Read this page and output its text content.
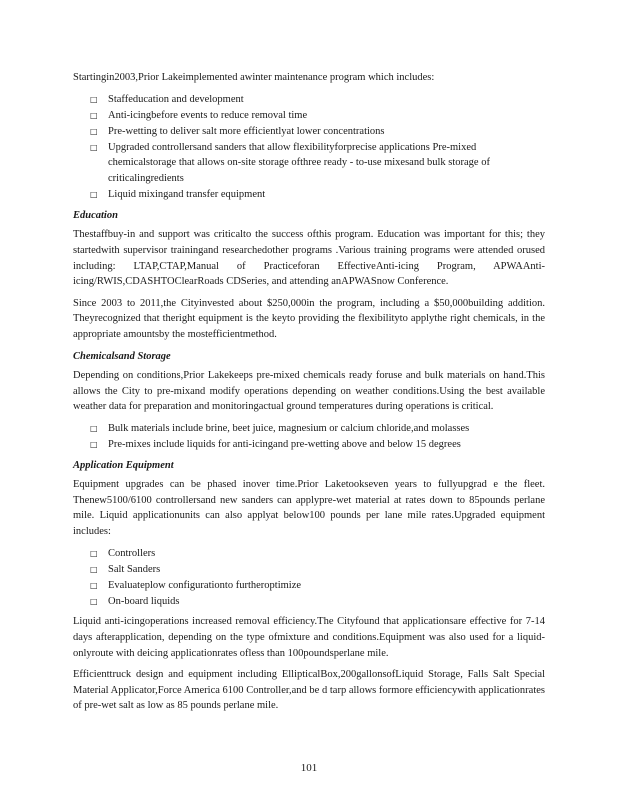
Startingin2003,Prior Lakeimplemented awinter maintenance program which includes:

□ Staffeducation and development
□ Anti-icingbefore events to reduce removal time
□ Pre-wetting to deliver salt more efficientlyat lower concentrations
□ Upgraded controllersand sanders that allow flexibilityforprecise applications Pre-mixed chemicalstorage that allows on-site storage ofthree ready - to-use mixesand bulk storage of criticalingredients
□ Liquid mixingand transfer equipment

Education

Thestaffbuy-in and support was criticalto the success ofthis program. Education was important for this; they startedwith supervisor trainingand researchedother programs .Various training programs were attended orused including: LTAP,CTAP,Manual of Practiceforan EffectiveAnti-icing Program, APWAAnti-icing/RWIS,CDASHTOClearRoads CDSeries, and attending anAPWASnow Conference.

Since 2003 to 2011,the Cityinvested about $250,000in the program, including a $50,000building addition. Theyrecognized that theright equipment is the keyto providing the flexibilityto applythe right chemicals, in the appropriate amountsby the mostefficientmethod.

Chemicalsand Storage

Depending on conditions,Prior Lakekeeps pre-mixed chemicals ready foruse and bulk materials on hand.This allows the City to pre-mixand modify operations depending on weather conditions.Using the best available weather data for preparation and monitoringactual ground temperatures during operations is critical.

□ Bulk materials include brine, beet juice, magnesium or calcium chloride,and molasses
□ Pre-mixes include liquids for anti-icingand pre-wetting above and below 15 degrees

Application Equipment

Equipment upgrades can be phased inover time.Prior Laketookseven years to fullyupgrad e the fleet. Thenew5100/6100 controllersand new sanders can applypre-wet material at rates down to 85pounds perlane mile. Liquid applicationunits can also applyat below100 pounds per lane mile rates.Upgraded equipment includes:

□ Controllers
□ Salt Sanders
□ Evaluateplow configurationto furtheroptimize
□ On-board liquids

Liquid anti-icingoperations increased removal efficiency.The Cityfound that applicationsare effective for 7-14 days afterapplication, depending on the type ofmixture and conditions.Equipment was also used for a liquid-onlyroute with deicing applicationrates ofless than 100poundsperlane mile.

Efficienttruck design and equipment including EllipticalBox,200gallonsofLiquid Storage, Falls Salt Special Material Applicator,Force America 6100 Controller,and be d tarp allows formore efficiencywith applicationrates of pre-wet salt as low as 85 pounds perlane mile.

101
